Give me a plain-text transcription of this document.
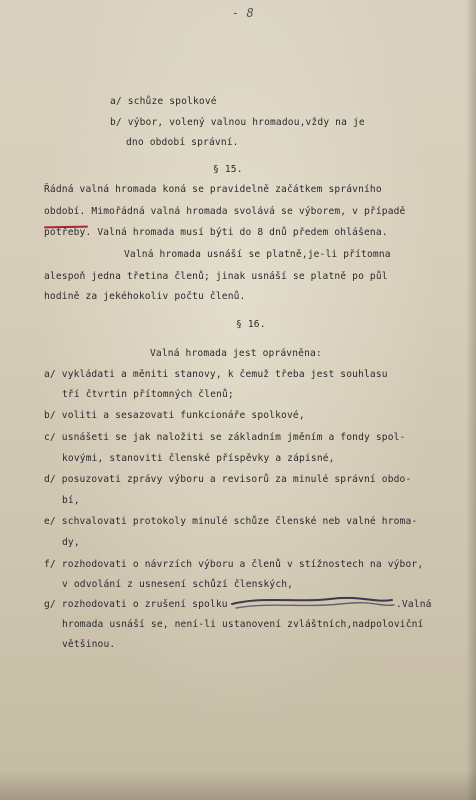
- 8
a/ schůze spolkové
b/ výbor, volený valnou hromadou,vždy na je
dno období správní.
§ 15.
Řádná valná hromada koná se pravidelně začátkem správního
období. Mimořádná valná hromada svolává se výborem, v případě
potřeby. Valná hromada musí býti do 8 dnů předem ohlášena.
Valná hromada usnáší se platně,je-li přítomna
alespoň jedna třetina členů; jinak usnáší se platně po půl
hodině za jekéhokoliv počtu členů.
§ 16.
Valná hromada jest oprávněna:
a/ vykládati a měniti stanovy, k čemuž třeba jest souhlasu
tří čtvrtin přítomných členů;
b/ voliti a sesazovati funkcionáře spolkové,
c/ usnášeti se jak naložiti se základním jměním a fondy spol-
kovými, stanoviti členské příspěvky a zápisné,
d/ posuzovati zprávy výboru a revisorů za minulé správní obdo-
bí,
e/ schvalovati protokoly minulé schůze členské neb valné hroma-
dy,
f/ rozhodovati o návrzích výboru a členů v stížnostech na výbor,
v odvolání z usnesení schůzí členských,
g/ rozhodovati o zrušení spolku	.Valná
hromada usnáší se, není-li ustanovení zvláštních,nadpoloviční
většinou.
